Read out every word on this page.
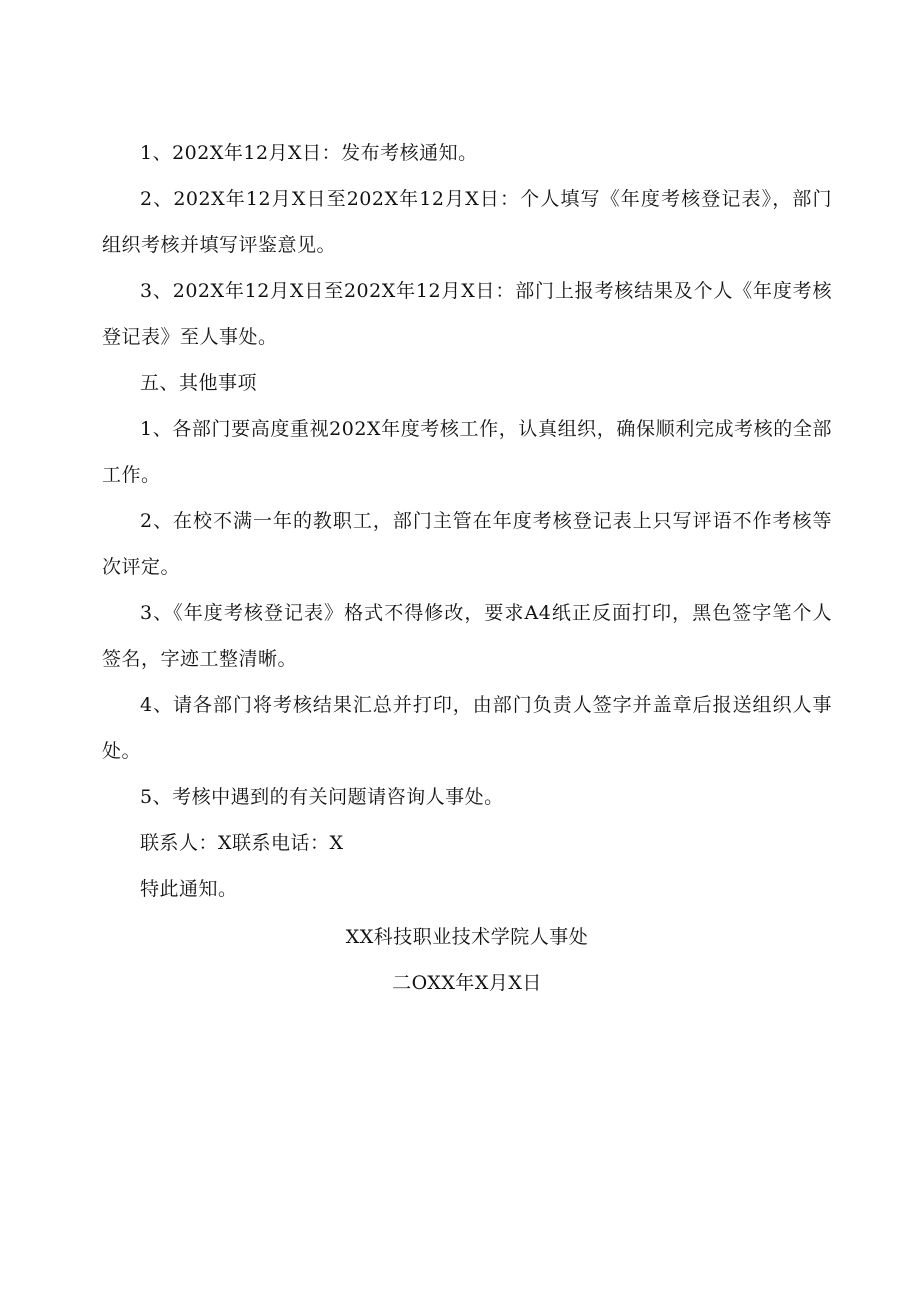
1、202X年12月X日：发布考核通知。

2、202X年12月X日至202X年12月X日：个人填写《年度考核登记表》，部门组织考核并填写评鉴意见。

3、202X年12月X日至202X年12月X日：部门上报考核结果及个人《年度考核登记表》至人事处。

五、其他事项

1、各部门要高度重视202X年度考核工作，认真组织，确保顺利完成考核的全部工作。

2、在校不满一年的教职工，部门主管在年度考核登记表上只写评语不作考核等次评定。

3、《年度考核登记表》格式不得修改，要求A4纸正反面打印，黑色签字笔个人签名，字迹工整清晰。

4、请各部门将考核结果汇总并打印，由部门负责人签字并盖章后报送组织人事处。

5、考核中遇到的有关问题请咨询人事处。

联系人：X联系电话：X

特此通知。

XX科技职业技术学院人事处

二OXX年X月X日
